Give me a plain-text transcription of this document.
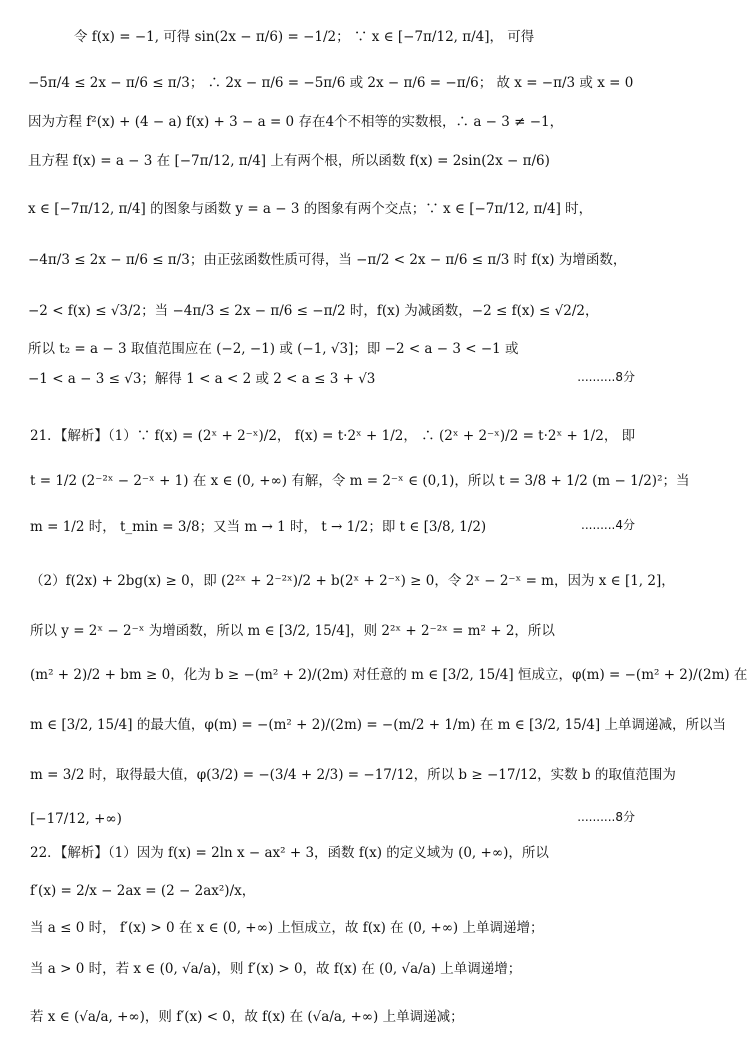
令 f(x) = −1, 可得 sin(2x − π/6) = −1/2； ∵ x ∈ [−7π/12, π/4]， 可得
−5π/4 ≤ 2x − π/6 ≤ π/3； ∴ 2x − π/6 = −5π/6 或 2x − π/6 = −π/6； 故 x = −π/3 或 x = 0
因为方程 f²(x) + (4 − a) f(x) + 3 − a = 0 存在4个不相等的实数根，∴ a − 3 ≠ −1，
且方程 f(x) = a − 3 在 [−7π/12, π/4] 上有两个根，所以函数 f(x) = 2sin(2x − π/6)
x ∈ [−7π/12, π/4] 的图象与函数 y = a − 3 的图象有两个交点；∵ x ∈ [−7π/12, π/4] 时，
−4π/3 ≤ 2x − π/6 ≤ π/3；由正弦函数性质可得，当 −π/2 < 2x − π/6 ≤ π/3 时 f(x) 为增函数，
−2 < f(x) ≤ √3/2；当 −4π/3 ≤ 2x − π/6 ≤ −π/2 时，f(x) 为减函数，−2 ≤ f(x) ≤ √2/2，
所以 t₂ = a − 3 取值范围应在 (−2, −1) 或 (−1, √3]；即 −2 < a − 3 < −1 或
−1 < a − 3 ≤ √3；解得 1 < a < 2 或 2 < a ≤ 3 + √3	..........8分
21．【解析】（1）∵ f(x) = (2ˣ + 2⁻ˣ)/2， f(x) = t·2ˣ + 1/2， ∴ (2ˣ + 2⁻ˣ)/2 = t·2ˣ + 1/2， 即
t = 1/2 (2⁻²ˣ − 2⁻ˣ + 1) 在 x ∈ (0, +∞) 有解，令 m = 2⁻ˣ ∈ (0,1)，所以 t = 3/8 + 1/2 (m − 1/2)²；当
m = 1/2 时， t_min = 3/8；又当 m → 1 时， t → 1/2；即 t ∈ [3/8, 1/2)	.........4分
（2）f(2x) + 2bg(x) ≥ 0，即 (2²ˣ + 2⁻²ˣ)/2 + b(2ˣ + 2⁻ˣ) ≥ 0，令 2ˣ − 2⁻ˣ = m，因为 x ∈ [1, 2]，
所以 y = 2ˣ − 2⁻ˣ 为增函数，所以 m ∈ [3/2, 15/4]，则 2²ˣ + 2⁻²ˣ = m² + 2，所以
(m² + 2)/2 + bm ≥ 0，化为 b ≥ −(m² + 2)/(2m) 对任意的 m ∈ [3/2, 15/4] 恒成立，φ(m) = −(m² + 2)/(2m) 在
m ∈ [3/2, 15/4] 的最大值，φ(m) = −(m² + 2)/(2m) = −(m/2 + 1/m) 在 m ∈ [3/2, 15/4] 上单调递减，所以当
m = 3/2 时，取得最大值，φ(3/2) = −(3/4 + 2/3) = −17/12，所以 b ≥ −17/12，实数 b 的取值范围为
[−17/12, +∞)	..........8分
22．【解析】（1）因为 f(x) = 2ln x − ax² + 3，函数 f(x) 的定义域为 (0, +∞)，所以
f′(x) = 2/x − 2ax = (2 − 2ax²)/x，
当 a ≤ 0 时， f′(x) > 0 在 x ∈ (0, +∞) 上恒成立，故 f(x) 在 (0, +∞) 上单调递增；
当 a > 0 时，若 x ∈ (0, √a/a)，则 f′(x) > 0，故 f(x) 在 (0, √a/a) 上单调递增；
若 x ∈ (√a/a, +∞)，则 f′(x) < 0，故 f(x) 在 (√a/a, +∞) 上单调递减；
